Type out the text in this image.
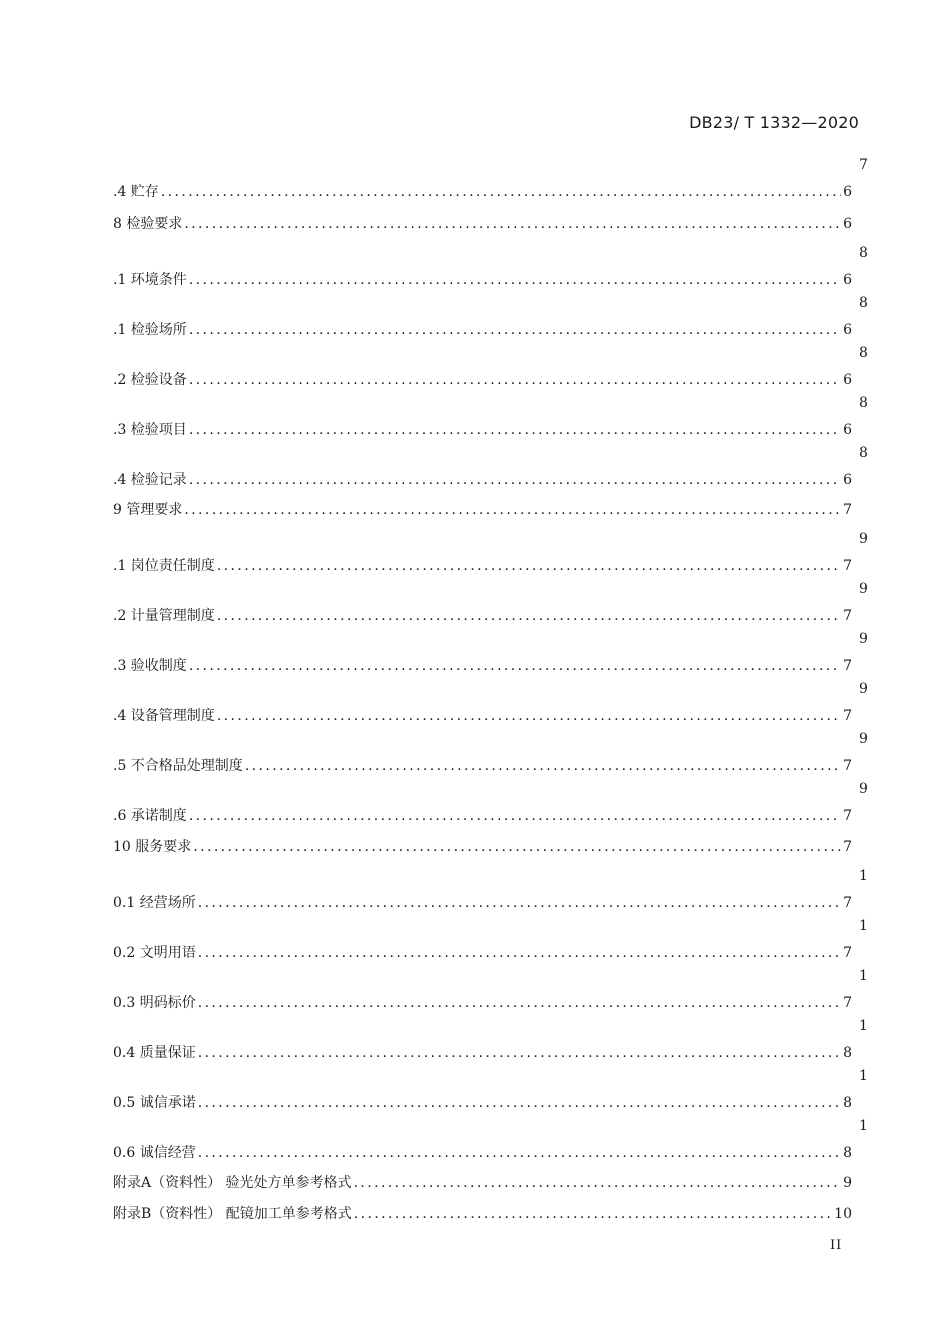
DB23/ T 1332—2020
7
.4 贮存 .....	6
8 检验要求 .....	6
8
.1 环境条件 .....	6
8
.1 检验场所 .....	6
8
.2 检验设备 .....	6
8
.3 检验项目 .....	6
8
.4 检验记录 .....	6
9 管理要求 .....	7
9
.1 岗位责任制度 .....	7
9
.2 计量管理制度 .....	7
9
.3 验收制度 .....	7
9
.4 设备管理制度 .....	7
9
.5 不合格品处理制度 .....	7
9
.6 承诺制度 .....	7
10 服务要求 .....	7
1
0.1 经营场所 .....	7
1
0.2 文明用语 .....	7
1
0.3 明码标价 .....	7
1
0.4 质量保证 .....	8
1
0.5 诚信承诺 .....	8
1
0.6 诚信经营 .....	8
附录A（资料性） 验光处方单参考格式 .....	9
附录B（资料性） 配镜加工单参考格式 .....	10
II
